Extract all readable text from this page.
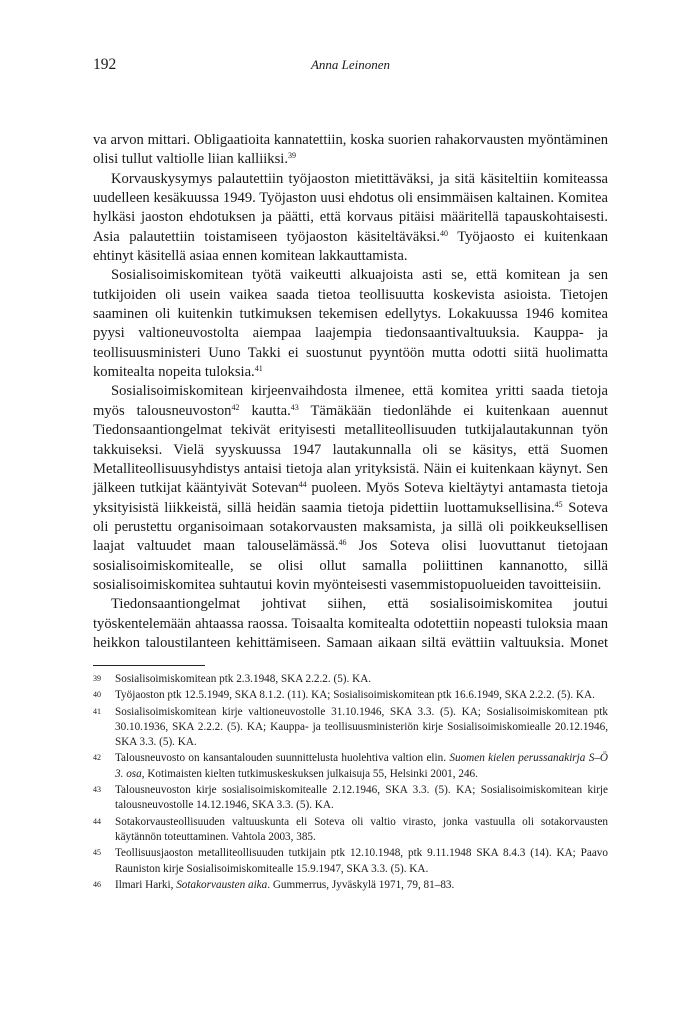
192	Anna Leinonen

va arvon mittari. Obligaatioita kannatettiin, koska suorien rahakorvausten myöntäminen olisi tullut valtiolle liian kalliiksi.$^{39}$

Korvauskysymys palautettiin työjaoston mietittäväksi, ja sitä käsiteltiin komiteassa uudelleen kesäkuussa 1949. Työjaston uusi ehdotus oli ensimmäisen kaltainen. Komitea hylkäsi jaoston ehdotuksen ja päätti, että korvaus pitäisi määritellä tapauskohtaisesti. Asia palautettiin toistamiseen työjaoston käsiteltäväksi.$^{40}$ Työjaosto ei kuitenkaan ehtinyt käsitellä asiaa ennen komitean lakkauttamista.

Sosialisoimiskomitean työtä vaikeutti alkuajoista asti se, että komitean ja sen tutkijoiden oli usein vaikea saada tietoa teollisuutta koskevista asioista. Tietojen saaminen oli kuitenkin tutkimuksen tekemisen edellytys. Lokakuussa 1946 komitea pyysi valtioneuvostolta aiempaa laajempia tiedonsaantivaltuuksia. Kauppa- ja teollisuusministeri Uuno Takki ei suostunut pyyntöön mutta odotti siitä huolimatta komitealta nopeita tuloksia.$^{41}$

Sosialisoimiskomitean kirjeenvaihdosta ilmenee, että komitea yritti saada tietoja myös talousneuvoston$^{42}$ kautta.$^{43}$ Tämäkään tiedonlähde ei kuitenkaan auennut Tiedonsaantiongelmat tekivät erityisesti metalliteollisuuden tutkijalautakunnan työn takkuiseksi. Vielä syyskuussa 1947 lautakunnalla oli se käsitys, että Suomen Metalliteollisuusyhdistys antaisi tietoja alan yrityksistä. Näin ei kuitenkaan käynyt. Sen jälkeen tutkijat kääntyivät Sotevan$^{44}$ puoleen. Myös Soteva kieltäytyi antamasta tietoja yksityisistä liikkeistä, sillä heidän saamia tietoja pidettiin luottamuksellisina.$^{45}$ Soteva oli perustettu organisoimaan sotakorvausten maksamista, ja sillä oli poikkeuksellisen laajat valtuudet maan talouselämässä.$^{46}$ Jos Soteva olisi luovuttanut tietojaan sosialisoimiskomitealle, se olisi ollut samalla poliittinen kannanotto, sillä sosialisoimiskomitea suhtautui kovin myönteisesti vasemmistopuolueiden tavoitteisiin.

Tiedonsaantiongelmat johtivat siihen, että sosialisoimiskomitea joutui työskentelemään ahtaassa raossa. Toisaalta komitealta odotettiin nopeasti tuloksia maan heikkon taloustilanteen kehittämiseen. Samaan aikaan siltä evättiin valtuuksia. Monet

39 Sosialisoimiskomitean ptk 2.3.1948, SKA 2.2.2. (5). KA.
40 Työjaoston ptk 12.5.1949, SKA 8.1.2. (11). KA; Sosialisoimiskomitean ptk 16.6.1949, SKA 2.2.2. (5). KA.
41 Sosialisoimiskomitean kirje valtioneuvostolle 31.10.1946, SKA 3.3. (5). KA; Sosialisoimiskomitean ptk 30.10.1936, SKA 2.2.2. (5). KA; Kauppa- ja teollisuusministeriön kirje Sosialisoimiskomiealle 20.12.1946, SKA 3.3. (5). KA.
42 Talousneuvosto on kansantalouden suunnittelusta huolehtiva valtion elin. Suomen kielen perussanakirja S–Ö 3. osa, Kotimaisten kielten tutkimuskeskuksen julkaisuja 55, Helsinki 2001, 246.
43 Talousneuvoston kirje sosialisoimiskomitealle 2.12.1946, SKA 3.3. (5). KA; Sosialisoimiskomitean kirje talousneuvostolle 14.12.1946, SKA 3.3. (5). KA.
44 Sotakorvausteollisuuden valtuuskunta eli Soteva oli valtio virasto, jonka vastuulla oli sotakorvausten käytännön toteuttaminen. Vahtola 2003, 385.
45 Teollisuusjaoston metalliteollisuuden tutkijain ptk 12.10.1948, ptk 9.11.1948 SKA 8.4.3 (14). KA; Paavo Rauniston kirje Sosialisoimiskomitealle 15.9.1947, SKA 3.3. (5). KA.
46 Ilmari Harki, Sotakorvausten aika. Gummerrus, Jyväskylä 1971, 79, 81–83.
